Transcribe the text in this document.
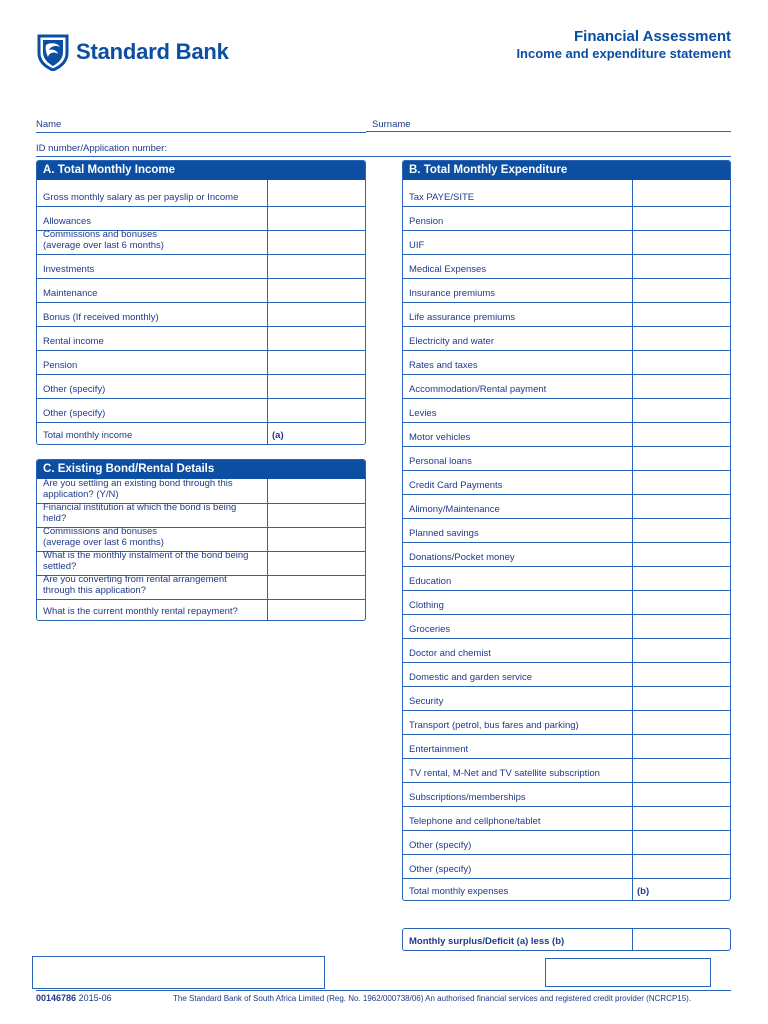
Standard Bank
Financial Assessment
Income and expenditure statement
Name	Surname
ID number/Application number:
A. Total Monthly Income
Gross monthly salary as per payslip or Income
Allowances
Commissions and bonuses
(average over last 6 months)
Investments
Maintenance
Bonus (If received monthly)
Rental income
Pension
Other (specify)
Other (specify)
Total monthly income	(a)
C. Existing Bond/Rental Details
Are you settling an existing bond through this
application? (Y/N)
Financial institution at which the bond is being
held?
Commissions and bonuses
(average over last 6 months)
What is the monthly instalment of the bond being
settled?
Are you converting from rental arrangement
through this application?
What is the current monthly rental repayment?
B. Total Monthly Expenditure
Tax PAYE/SITE
Pension
UIF
Medical Expenses
Insurance premiums
Life assurance premiums
Electricity and water
Rates and taxes
Accommodation/Rental payment
Levies
Motor vehicles
Personal loans
Credit Card Payments
Alimony/Maintenance
Planned savings
Donations/Pocket money
Education
Clothing
Groceries
Doctor and chemist
Domestic and garden service
Security
Transport (petrol, bus fares and parking)
Entertainment
TV rental, M-Net and TV satellite subscription
Subscriptions/memberships
Telephone and cellphone/tablet
Other (specify)
Other (specify)
Total monthly expenses	(b)
Monthly surplus/Deficit (a) less (b)
00146786 2015-06	The Standard Bank of South Africa Limited (Reg. No. 1962/000738/06) An authorised financial services and registered credit provider (NCRCP15).
